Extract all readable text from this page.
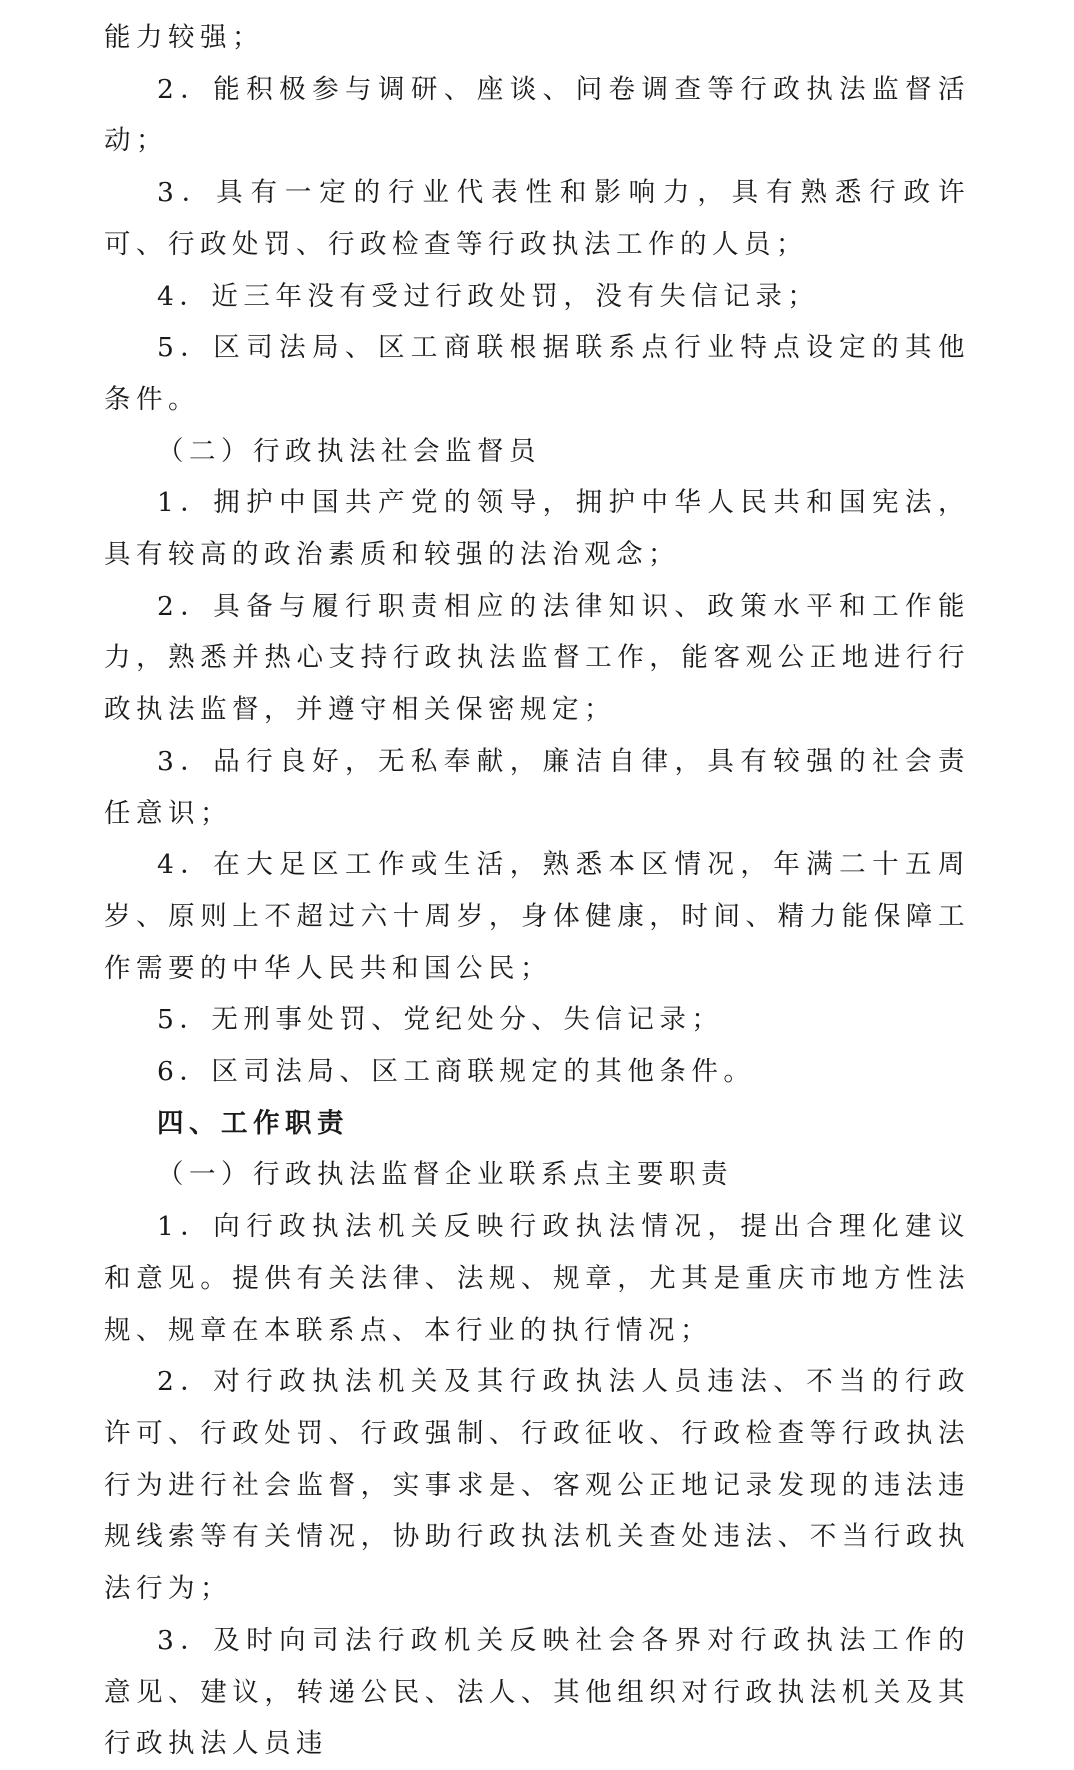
能力较强；

2．能积极参与调研、座谈、问卷调查等行政执法监督活动；

3．具有一定的行业代表性和影响力，具有熟悉行政许可、行政处罚、行政检查等行政执法工作的人员；

4．近三年没有受过行政处罚，没有失信记录；

5．区司法局、区工商联根据联系点行业特点设定的其他条件。

（二）行政执法社会监督员

1．拥护中国共产党的领导，拥护中华人民共和国宪法，具有较高的政治素质和较强的法治观念；

2．具备与履行职责相应的法律知识、政策水平和工作能力，熟悉并热心支持行政执法监督工作，能客观公正地进行行政执法监督，并遵守相关保密规定；

3．品行良好，无私奉献，廉洁自律，具有较强的社会责任意识；

4．在大足区工作或生活，熟悉本区情况，年满二十五周岁、原则上不超过六十周岁，身体健康，时间、精力能保障工作需要的中华人民共和国公民；

5．无刑事处罚、党纪处分、失信记录；

6．区司法局、区工商联规定的其他条件。

四、工作职责

（一）行政执法监督企业联系点主要职责

1．向行政执法机关反映行政执法情况，提出合理化建议和意见。提供有关法律、法规、规章，尤其是重庆市地方性法规、规章在本联系点、本行业的执行情况；

2．对行政执法机关及其行政执法人员违法、不当的行政许可、行政处罚、行政强制、行政征收、行政检查等行政执法行为进行社会监督，实事求是、客观公正地记录发现的违法违规线索等有关情况，协助行政执法机关查处违法、不当行政执法行为；

3．及时向司法行政机关反映社会各界对行政执法工作的意见、建议，转递公民、法人、其他组织对行政执法机关及其行政执法人员违
